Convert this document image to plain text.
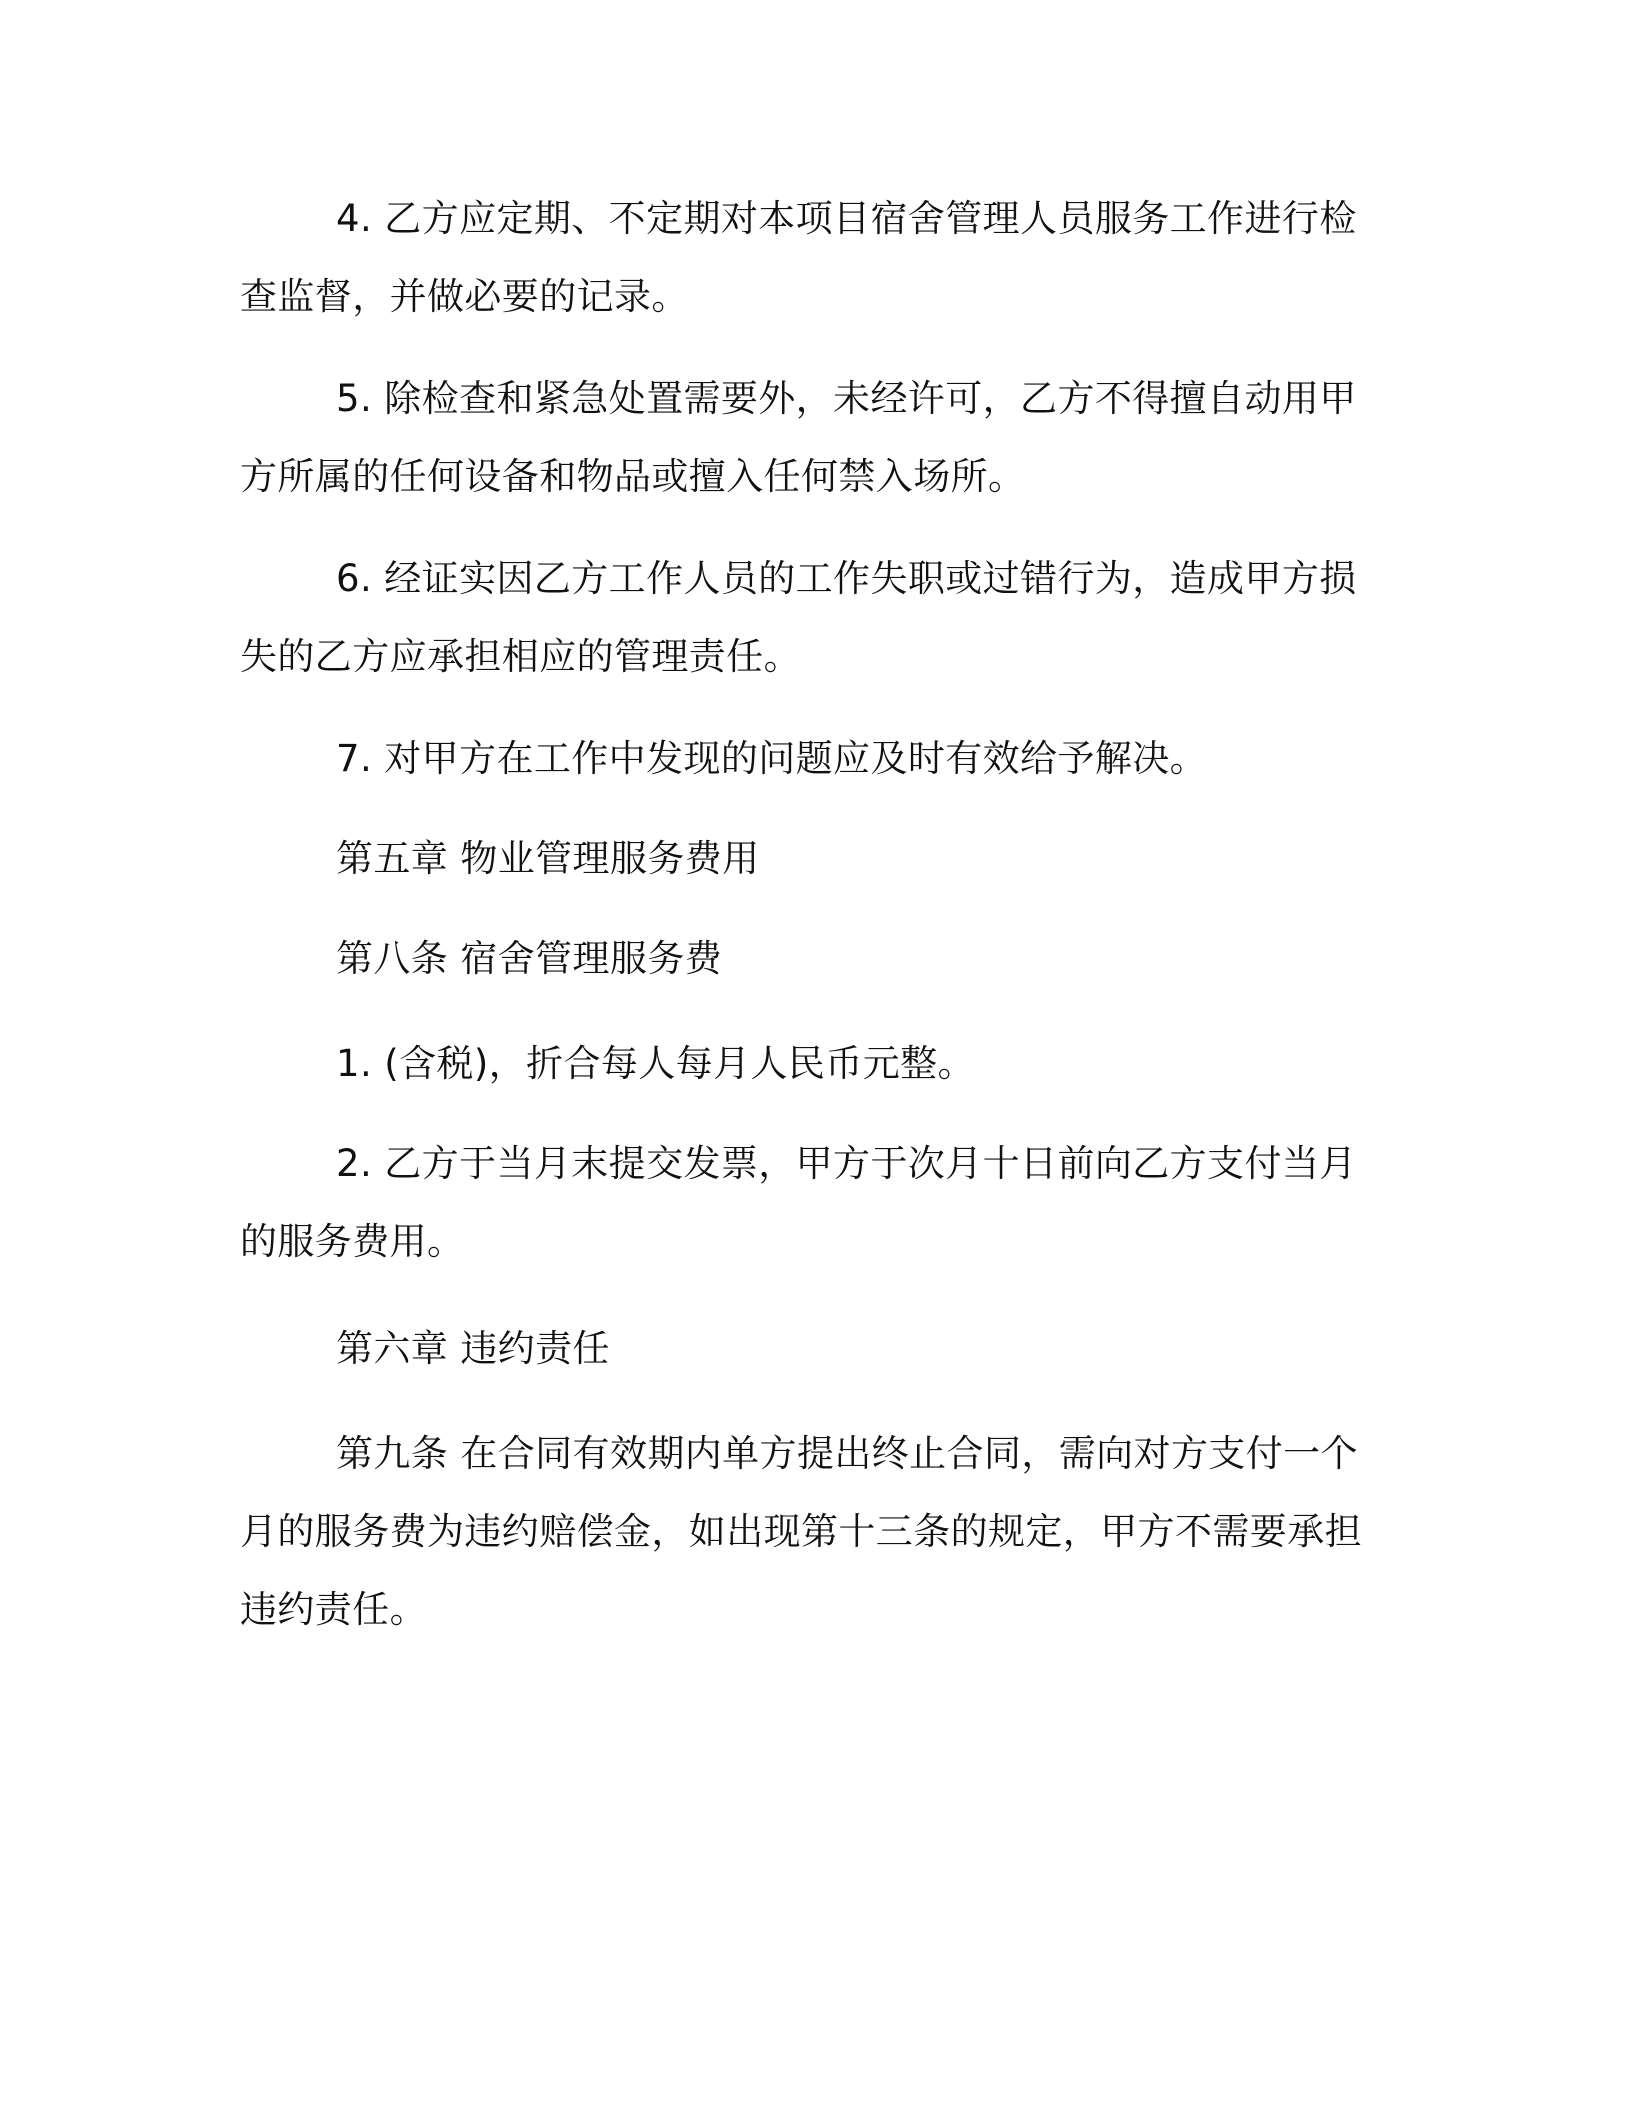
4. 乙方应定期、不定期对本项目宿舍管理人员服务工作进行检查监督，并做必要的记录。

5. 除检查和紧急处置需要外，未经许可，乙方不得擅自动用甲方所属的任何设备和物品或擅入任何禁入场所。

6. 经证实因乙方工作人员的工作失职或过错行为，造成甲方损失的乙方应承担相应的管理责任。

7. 对甲方在工作中发现的问题应及时有效给予解决。

第五章 物业管理服务费用

第八条 宿舍管理服务费

1. (含税)，折合每人每月人民币元整。

2. 乙方于当月末提交发票，甲方于次月十日前向乙方支付当月的服务费用。

第六章 违约责任

第九条 在合同有效期内单方提出终止合同，需向对方支付一个月的服务费为违约赔偿金，如出现第十三条的规定，甲方不需要承担违约责任。
